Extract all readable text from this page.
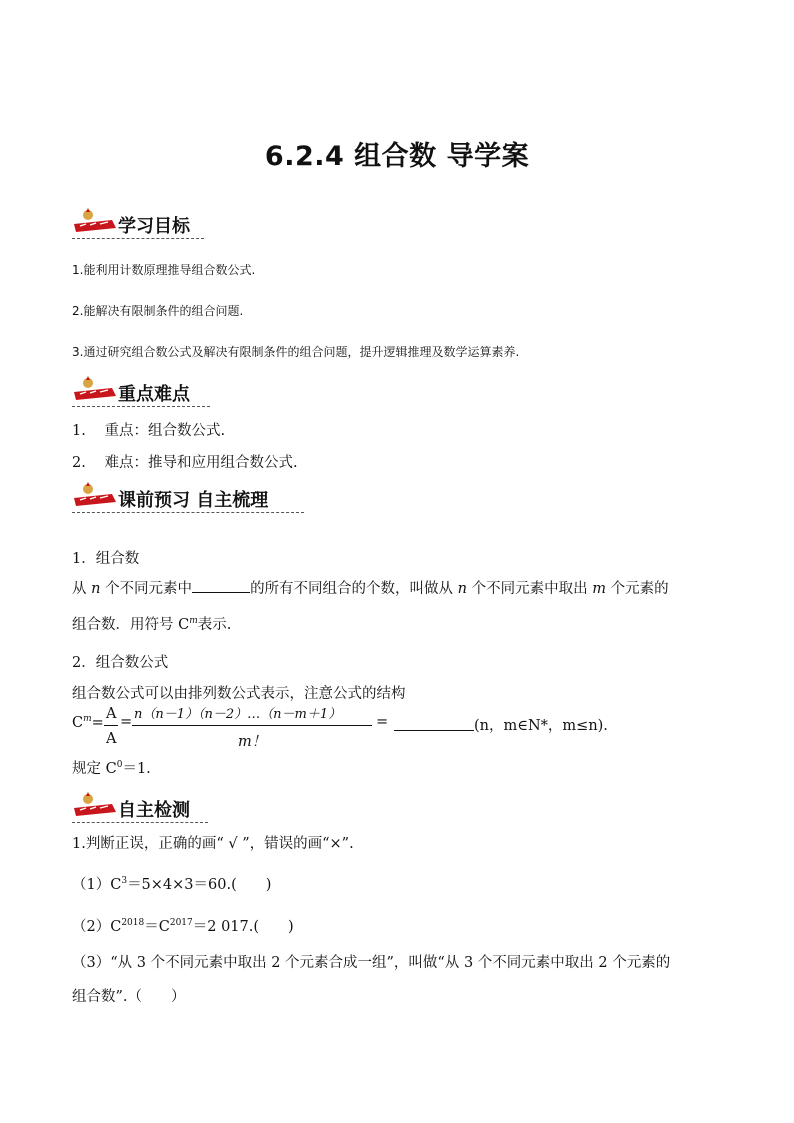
6.2.4 组合数 导学案
学习目标
1.能利用计数原理推导组合数公式.
2.能解决有限制条件的组合问题.
3.通过研究组合数公式及解决有限制条件的组合问题，提升逻辑推理及数学运算素养.
重点难点
1. 重点：组合数公式.
2. 难点：推导和应用组合数公式.
课前预习 自主梳理
1．组合数
从 n 个不同元素中	的所有不同组合的个数，叫做从 n 个不同元素中取出 m 个元素的
组合数．用符号 $C^m$表示.
2．组合数公式
组合数公式可以由排列数公式表示，注意公式的结构
$C^m=$
A
A
= n（n－1）（n－2）…（n－m＋1）
m！
=	(n，m∈N*，m≤n).
规定 $C^0=1$.
自主检测
1.判断正误，正确的画“ √ ”，错误的画“×”.
$(1)C^3=5\times 4\times 3=60$.(　　)
$(2)C^{2018}=C^{2017}=2$ 017.(　　)
（3）“从 3 个不同元素中取出 2 个元素合成一组”，叫做“从 3 个不同元素中取出 2 个元素的
组合数”.（　　）
